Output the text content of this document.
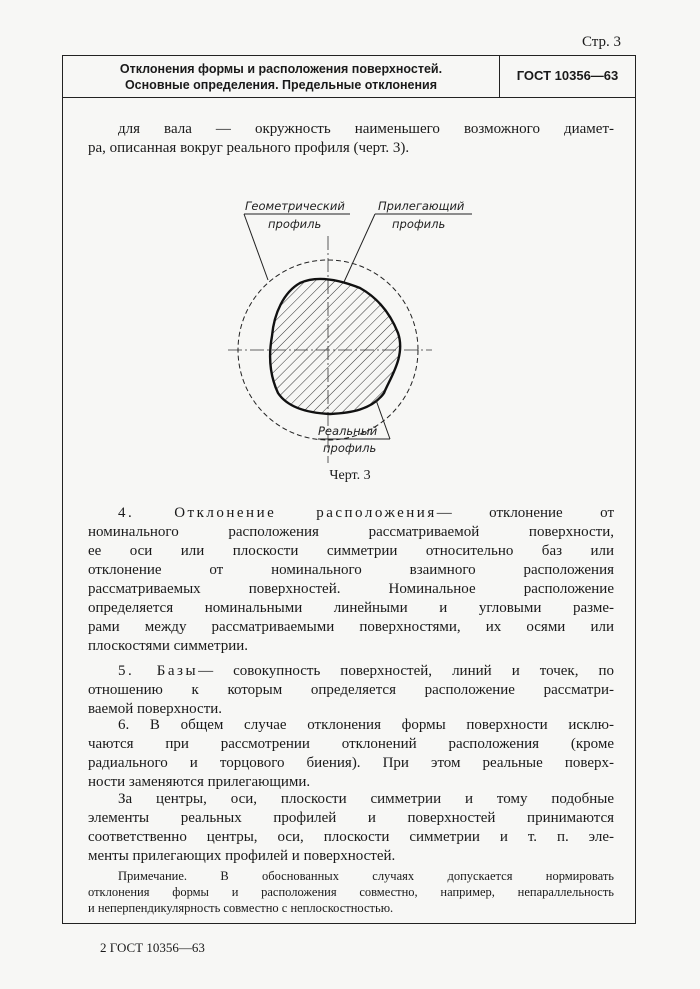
Стр. 3
Отклонения формы и расположения поверхностей.
Основные определения. Предельные отклонения
ГОСТ 10356—63
для вала — окружность наименьшего возможного диамет-
ра, описанная вокруг реального профиля (черт. 3).
Геометрический
профиль
Прилегающий
профиль
Реальный
профиль
Черт. 3
4. Отклонение расположения— отклонение от
номинального расположения рассматриваемой поверхности,
ее оси или плоскости симметрии относительно баз или
отклонение от номинального взаимного расположения
рассматриваемых поверхностей. Номинальное расположение
определяется номинальными линейными и угловыми разме-
рами между рассматриваемыми поверхностями, их осями или
плоскостями симметрии.
5. Базы— совокупность поверхностей, линий и точек, по
отношению к которым определяется расположение рассматри-
ваемой поверхности.
6. В общем случае отклонения формы поверхности исклю-
чаются при рассмотрении отклонений расположения (кроме
радиального и торцового биения). При этом реальные поверх-
ности заменяются прилегающими.
За центры, оси, плоскости симметрии и тому подобные
элементы реальных профилей и поверхностей принимаются
соответственно центры, оси, плоскости симметрии и т. п. эле-
менты прилегающих профилей и поверхностей.
Примечание. В обоснованных случаях допускается нормировать
отклонения формы и расположения совместно, например, непараллельность
и неперпендикулярность совместно с неплоскостностью.
2 ГОСТ 10356—63
